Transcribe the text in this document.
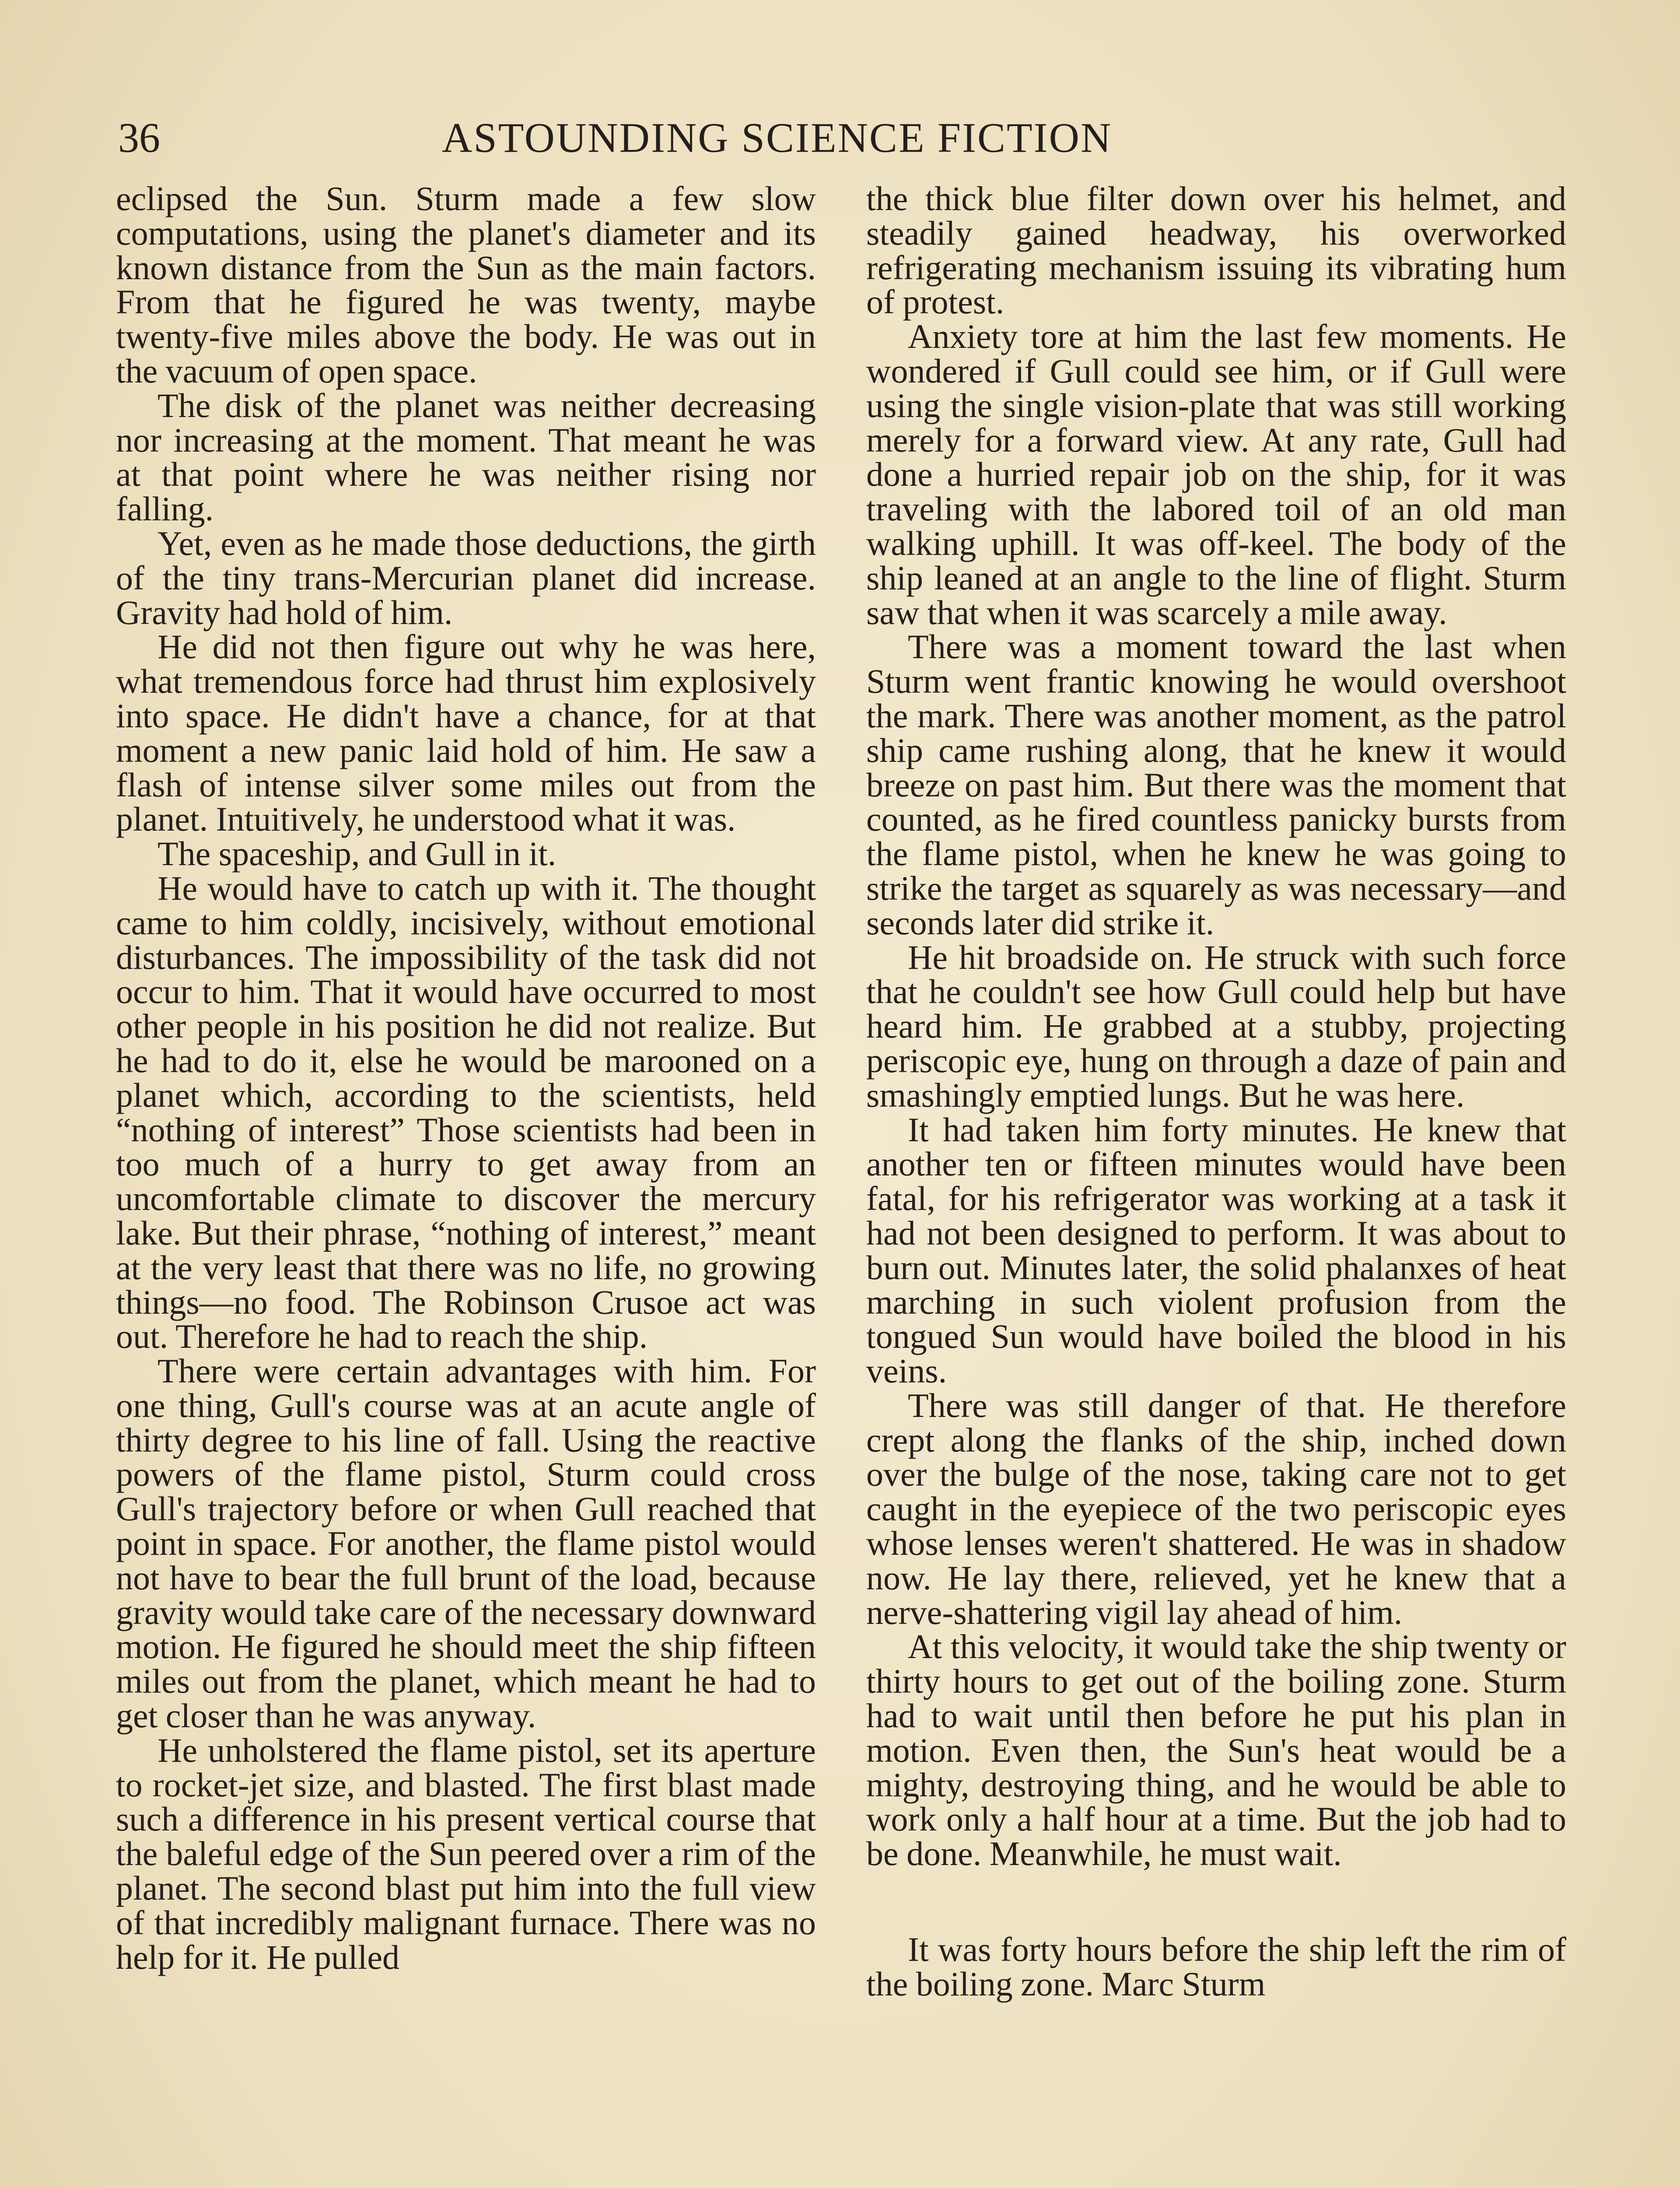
36	ASTOUNDING SCIENCE FICTION

eclipsed the Sun. Sturm made a few slow computations, using the planet's diameter and its known distance from the Sun as the main factors. From that he figured he was twenty, maybe twenty-five miles above the body. He was out in the vacuum of open space.

The disk of the planet was neither decreasing nor increasing at the moment. That meant he was at that point where he was neither rising nor falling.

Yet, even as he made those deductions, the girth of the tiny trans-Mercurian planet did increase. Gravity had hold of him.

He did not then figure out why he was here, what tremendous force had thrust him explosively into space. He didn't have a chance, for at that moment a new panic laid hold of him. He saw a flash of intense silver some miles out from the planet. Intuitively, he understood what it was.

The spaceship, and Gull in it.

He would have to catch up with it. The thought came to him coldly, incisively, without emotional disturbances. The impossibility of the task did not occur to him. That it would have occurred to most other people in his position he did not realize. But he had to do it, else he would be marooned on a planet which, according to the scientists, held “nothing of interest” Those scientists had been in too much of a hurry to get away from an uncomfortable climate to discover the mercury lake. But their phrase, “nothing of interest,” meant at the very least that there was no life, no growing things—no food. The Robinson Crusoe act was out. Therefore he had to reach the ship.

There were certain advantages with him. For one thing, Gull's course was at an acute angle of thirty degree to his line of fall. Using the reactive powers of the flame pistol, Sturm could cross Gull's trajectory before or when Gull reached that point in space. For another, the flame pistol would not have to bear the full brunt of the load, because gravity would take care of the necessary downward motion. He figured he should meet the ship fifteen miles out from the planet, which meant he had to get closer than he was anyway.

He unholstered the flame pistol, set its aperture to rocket-jet size, and blasted. The first blast made such a difference in his present vertical course that the baleful edge of the Sun peered over a rim of the planet. The second blast put him into the full view of that incredibly malignant furnace. There was no help for it. He pulled

the thick blue filter down over his helmet, and steadily gained headway, his overworked refrigerating mechanism issuing its vibrating hum of protest.

Anxiety tore at him the last few moments. He wondered if Gull could see him, or if Gull were using the single vision-plate that was still working merely for a forward view. At any rate, Gull had done a hurried repair job on the ship, for it was traveling with the labored toil of an old man walking uphill. It was off-keel. The body of the ship leaned at an angle to the line of flight. Sturm saw that when it was scarcely a mile away.

There was a moment toward the last when Sturm went frantic knowing he would overshoot the mark. There was another moment, as the patrol ship came rushing along, that he knew it would breeze on past him. But there was the moment that counted, as he fired countless panicky bursts from the flame pistol, when he knew he was going to strike the target as squarely as was necessary—and seconds later did strike it.

He hit broadside on. He struck with such force that he couldn't see how Gull could help but have heard him. He grabbed at a stubby, projecting periscopic eye, hung on through a daze of pain and smashingly emptied lungs. But he was here.

It had taken him forty minutes. He knew that another ten or fifteen minutes would have been fatal, for his refrigerator was working at a task it had not been designed to perform. It was about to burn out. Minutes later, the solid phalanxes of heat marching in such violent profusion from the tongued Sun would have boiled the blood in his veins.

There was still danger of that. He therefore crept along the flanks of the ship, inched down over the bulge of the nose, taking care not to get caught in the eyepiece of the two periscopic eyes whose lenses weren't shattered. He was in shadow now. He lay there, relieved, yet he knew that a nerve-shattering vigil lay ahead of him.

At this velocity, it would take the ship twenty or thirty hours to get out of the boiling zone. Sturm had to wait until then before he put his plan in motion. Even then, the Sun's heat would be a mighty, destroying thing, and he would be able to work only a half hour at a time. But the job had to be done. Meanwhile, he must wait.

It was forty hours before the ship left the rim of the boiling zone. Marc Sturm
